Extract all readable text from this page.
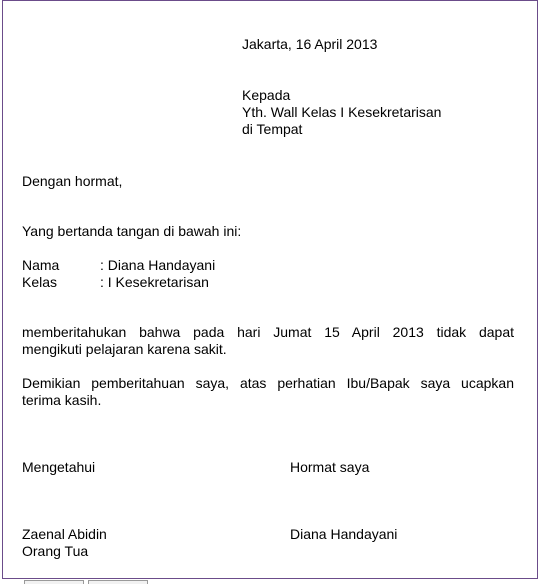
Jakarta, 16 April 2013
Kepada
Yth. Wall Kelas I Kesekretarisan
di Tempat
Dengan hormat,
Yang bertanda tangan di bawah ini:
Nama	: Diana Handayani
Kelas	: I Kesekretarisan
memberitahukan bahwa pada hari Jumat 15 April 2013 tidak dapat
mengikuti pelajaran karena sakit.
Demikian pemberitahuan saya, atas perhatian Ibu/Bapak saya ucapkan
terima kasih.
Mengetahui	Hormat saya
Zaenal Abidin	Diana Handayani
Orang Tua
